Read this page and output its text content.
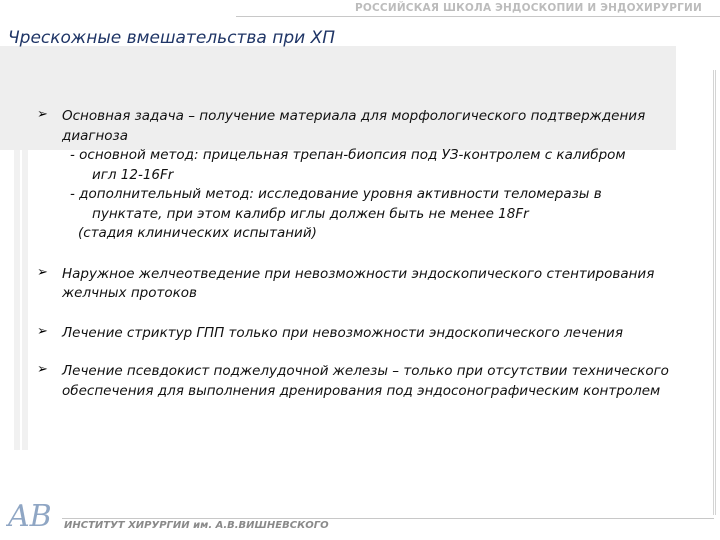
РОССИЙСКАЯ ШКОЛА ЭНДОСКОПИИ И ЭНДОХИРУРГИИ
Чрескожные вмешательства при ХП
➢ Основная задача – получение материала для морфологического подтверждения
диагноза
- основной метод: прицельная трепан-биопсия под УЗ-контролем с калибром
игл 12-16Fr
- дополнительный метод: исследование уровня активности теломеразы в
пунктате, при этом калибр иглы должен быть не менее 18Fr
(стадия клинических испытаний)
➢ Наружное желчеотведение при невозможности эндоскопического стентирования
желчных протоков
➢ Лечение стриктур ГПП только при невозможности эндоскопического лечения
➢ Лечение псевдокист поджелудочной железы – только при отсутствии технического
обеспечения для выполнения дренирования под эндосонографическим контролем
AB ИНСТИТУТ ХИРУРГИИ им. А.В.ВИШНЕВСКОГО
